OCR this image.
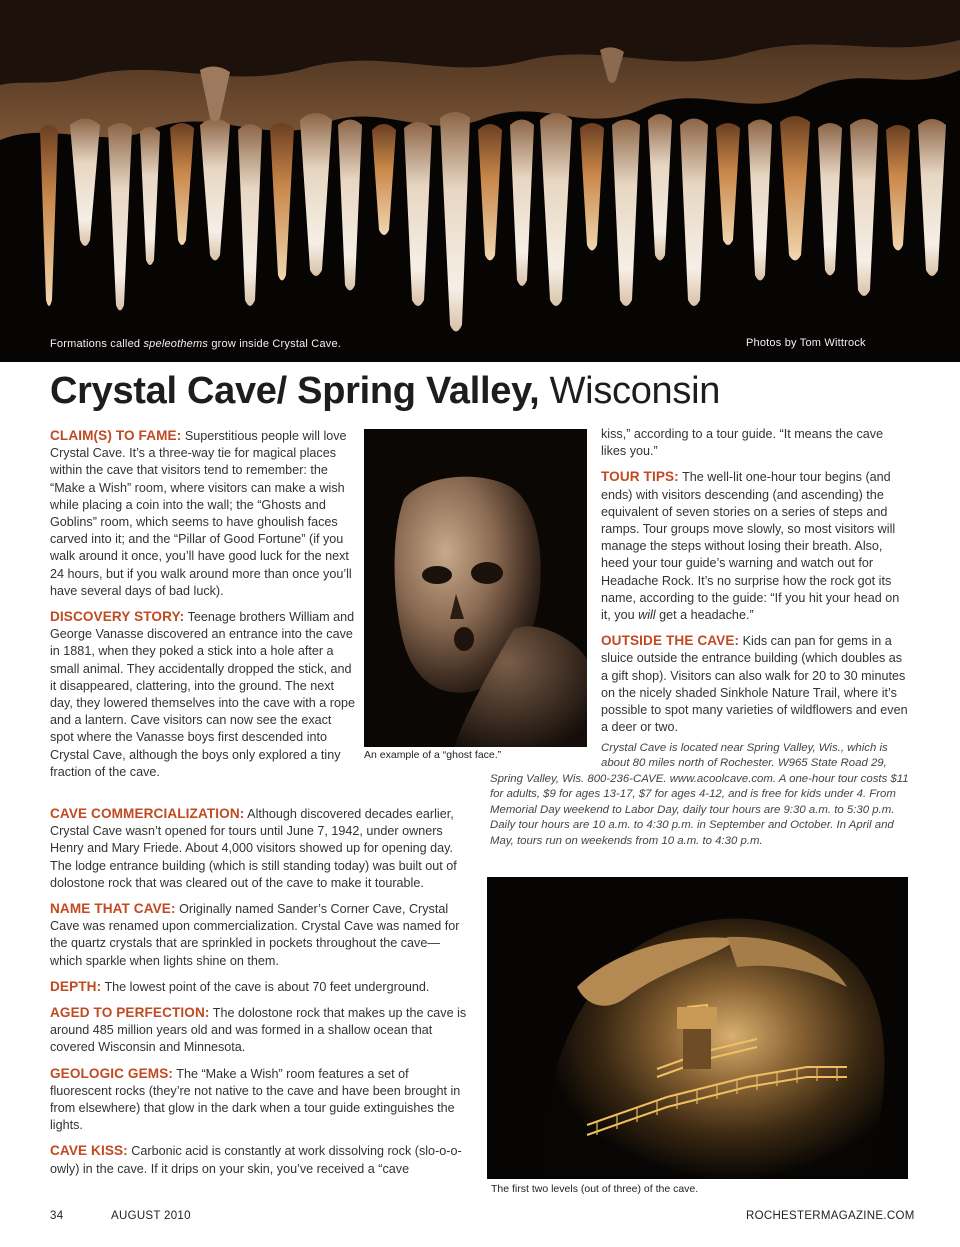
Formations called speleothems grow inside Crystal Cave.	Photos by Tom Wittrock
Crystal Cave/ Spring Valley, Wisconsin

CLAIM(S) TO FAME: Superstitious people will love Crystal Cave. It’s a three-way tie for magical places within the cave that visitors tend to remember: the “Make a Wish” room, where visitors can make a wish while placing a coin into the wall; the “Ghosts and Goblins” room, which seems to have ghoulish faces carved into it; and the “Pillar of Good Fortune” (if you walk around it once, you’ll have good luck for the next 24 hours, but if you walk around more than once you’ll have several days of bad luck).

DISCOVERY STORY: Teenage brothers William and George Vanasse discovered an entrance into the cave in 1881, when they poked a stick into a hole after a small animal. They accidentally dropped the stick, and it disappeared, clattering, into the ground. The next day, they lowered themselves into the cave with a rope and a lantern. Cave visitors can now see the exact spot where the Vanasse boys first descended into Crystal Cave, although the boys only explored a tiny fraction of the cave.

CAVE COMMERCIALIZATION: Although discovered decades earlier, Crystal Cave wasn’t opened for tours until June 7, 1942, under owners Henry and Mary Friede. About 4,000 visitors showed up for opening day. The lodge entrance building (which is still standing today) was built out of dolostone rock that was cleared out of the cave to make it tourable.

NAME THAT CAVE: Originally named Sander’s Corner Cave, Crystal Cave was renamed upon commercialization. Crystal Cave was named for the quartz crystals that are sprinkled in pockets throughout the cave—which sparkle when lights shine on them.

DEPTH: The lowest point of the cave is about 70 feet underground.

AGED TO PERFECTION: The dolostone rock that makes up the cave is around 485 million years old and was formed in a shallow ocean that covered Wisconsin and Minnesota.

GEOLOGIC GEMS: The “Make a Wish” room features a set of fluorescent rocks (they’re not native to the cave and have been brought in from elsewhere) that glow in the dark when a tour guide extinguishes the lights.

CAVE KISS: Carbonic acid is constantly at work dissolving rock (slo-o-o-owly) in the cave. If it drips on your skin, you’ve received a “cave

An example of a “ghost face.”

kiss,” according to a tour guide. “It means the cave likes you.”

TOUR TIPS: The well-lit one-hour tour begins (and ends) with visitors descending (and ascending) the equivalent of seven stories on a series of steps and ramps. Tour groups move slowly, so most visitors will manage the steps without losing their breath. Also, heed your tour guide’s warning and watch out for Headache Rock. It’s no surprise how the rock got its name, according to the guide: “If you hit your head on it, you will get a headache.”

OUTSIDE THE CAVE: Kids can pan for gems in a sluice outside the entrance building (which doubles as a gift shop). Visitors can also walk for 20 to 30 minutes on the nicely shaded Sinkhole Nature Trail, where it’s possible to spot many varieties of wildflowers and even a deer or two.

Crystal Cave is located near Spring Valley, Wis., which is about 80 miles north of Rochester. W965 State Road 29,
Spring Valley, Wis. 800-236-CAVE. www.acoolcave.com. A one-hour tour costs $11 for adults, $9 for ages 13-17, $7 for ages 4-12, and is free for kids under 4. From Memorial Day weekend to Labor Day, daily tour hours are 9:30 a.m. to 5:30 p.m. Daily tour hours are 10 a.m. to 4:30 p.m. in September and October. In April and May, tours run on weekends from 10 a.m. to 4:30 p.m.
The first two levels (out of three) of the cave.
34	AUGUST 2010	ROCHESTERMAGAZINE.COM
